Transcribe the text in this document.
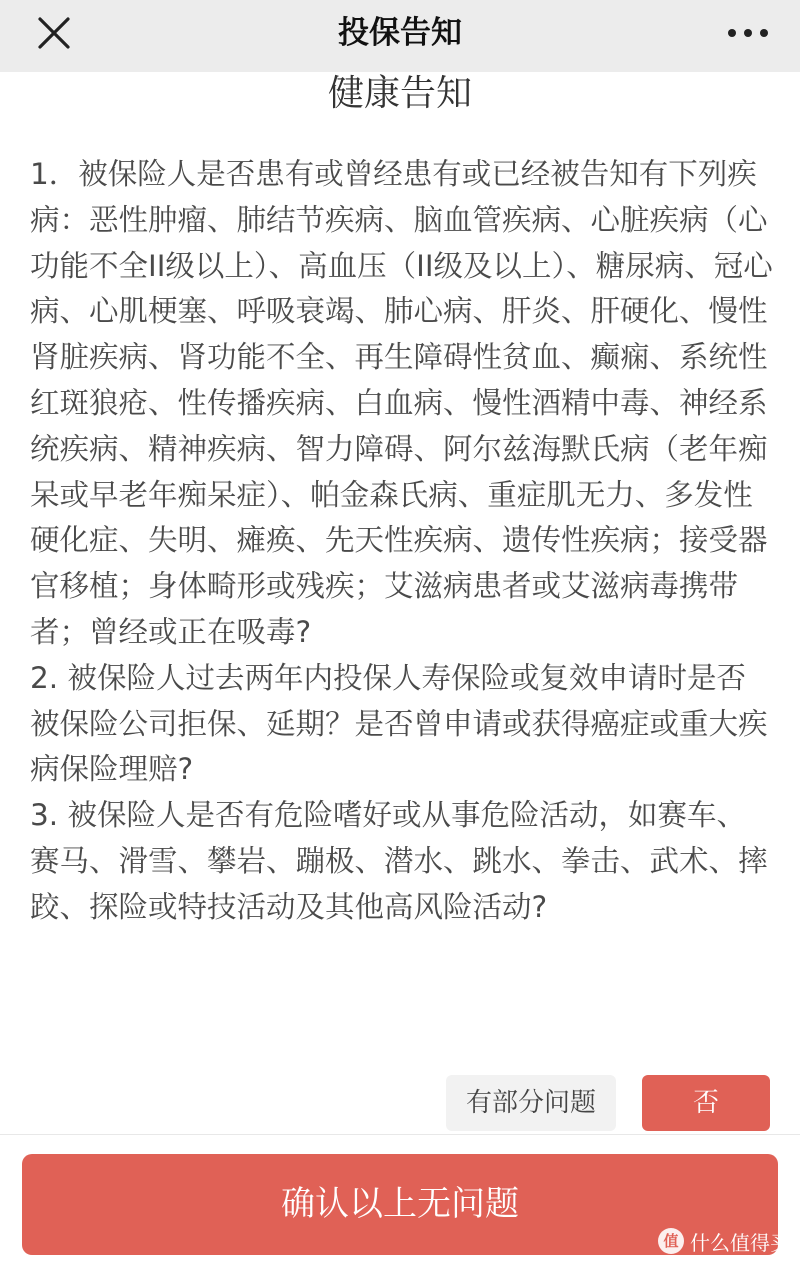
投保告知
健康告知
1．被保险人是否患有或曾经患有或已经被告知有下列疾病：恶性肿瘤、肺结节疾病、脑血管疾病、心脏疾病（心功能不全II级以上）、高血压（II级及以上）、糖尿病、冠心病、心肌梗塞、呼吸衰竭、肺心病、肝炎、肝硬化、慢性肾脏疾病、肾功能不全、再生障碍性贫血、癫痫、系统性红斑狼疮、性传播疾病、白血病、慢性酒精中毒、神经系统疾病、精神疾病、智力障碍、阿尔兹海默氏病（老年痴呆或早老年痴呆症）、帕金森氏病、重症肌无力、多发性硬化症、失明、瘫痪、先天性疾病、遗传性疾病；接受器官移植；身体畸形或残疾；艾滋病患者或艾滋病毒携带者；曾经或正在吸毒?
2. 被保险人过去两年内投保人寿保险或复效申请时是否被保险公司拒保、延期？是否曾申请或获得癌症或重大疾病保险理赔?
3. 被保险人是否有危险嗜好或从事危险活动，如赛车、赛马、滑雪、攀岩、蹦极、潜水、跳水、拳击、武术、摔跤、探险或特技活动及其他高风险活动?
有部分问题	否
确认以上无问题
值 什么值得买
